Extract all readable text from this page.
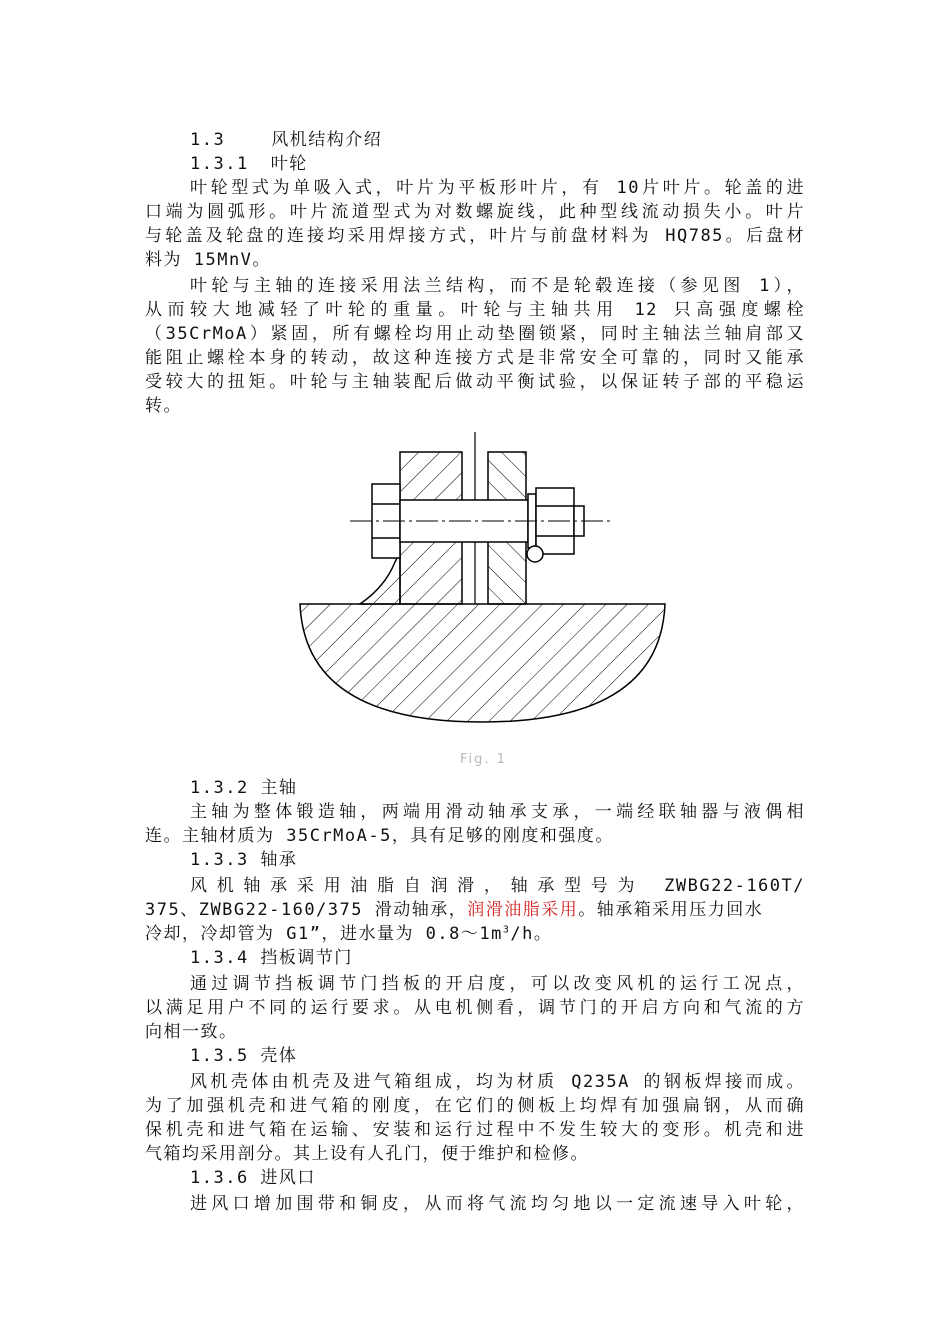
1.3	风机结构介绍
1.3.1 叶轮
叶轮型式为单吸入式，叶片为平板形叶片，有 10片叶片。轮盖的进
口端为圆弧形。叶片流道型式为对数螺旋线，此种型线流动损失小。叶片
与轮盖及轮盘的连接均采用焊接方式，叶片与前盘材料为 HQ785。后盘材
料为 15MnV。
叶轮与主轴的连接采用法兰结构，而不是轮毂连接（参见图 1），
从而较大地减轻了叶轮的重量。叶轮与主轴共用 12 只高强度螺栓
（35CrMoA）紧固，所有螺栓均用止动垫圈锁紧，同时主轴法兰轴肩部又
能阻止螺栓本身的转动，故这种连接方式是非常安全可靠的，同时又能承
受较大的扭矩。叶轮与主轴装配后做动平衡试验，以保证转子部的平稳运
转。
Fig. 1
1.3.2 主轴
主轴为整体锻造轴，两端用滑动轴承支承，一端经联轴器与液偶相
连。主轴材质为 35CrMoA-5，具有足够的刚度和强度。
1.3.3 轴承
风机轴承采用油脂自润滑，轴承型号为 ZWBG22-160T/
375、ZWBG22-160/375 滑动轴承，润滑油脂采用。轴承箱采用压力回水
冷却，冷却管为 G1”，进水量为 $0.8\sim 1m^3/h$。
1.3.4 挡板调节门
通过调节挡板调节门挡板的开启度，可以改变风机的运行工况点，
以满足用户不同的运行要求。从电机侧看，调节门的开启方向和气流的方
向相一致。
1.3.5 壳体
风机壳体由机壳及进气箱组成，均为材质 Q235A 的钢板焊接而成。
为了加强机壳和进气箱的刚度，在它们的侧板上均焊有加强扁钢，从而确
保机壳和进气箱在运输、安装和运行过程中不发生较大的变形。机壳和进
气箱均采用剖分。其上设有人孔门，便于维护和检修。
1.3.6 进风口
进风口增加围带和铜皮，从而将气流均匀地以一定流速导入叶轮，
